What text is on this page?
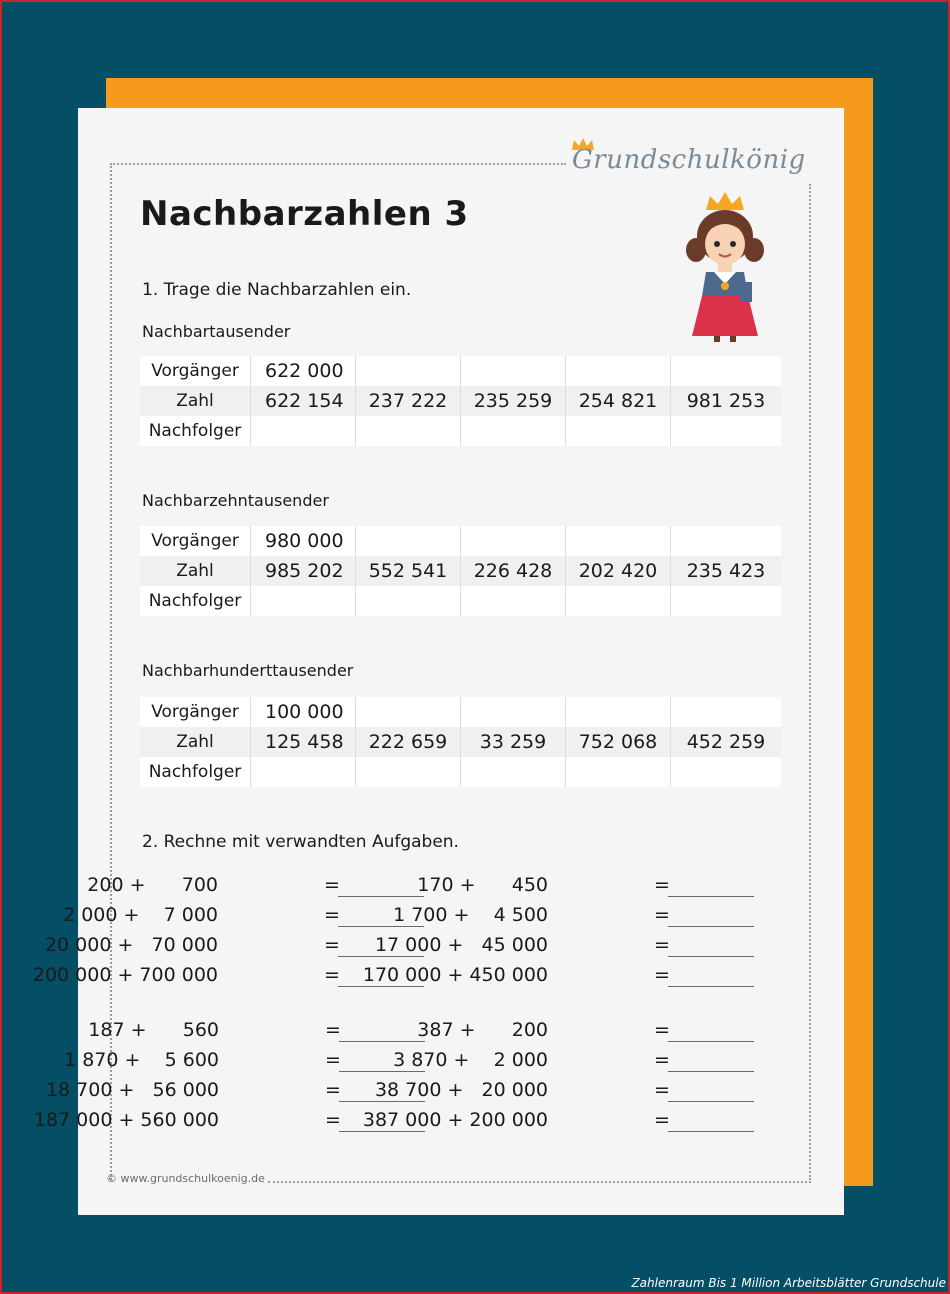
Grundschulkönig
Nachbarzahlen 3
1. Trage die Nachbarzahlen ein.
Nachbartausender
Vorgänger	622 000				
Zahl	622 154	237 222	235 259	254 821	981 253
Nachfolger					
Nachbarzehntausender
Vorgänger	980 000				
Zahl	985 202	552 541	226 428	202 420	235 423
Nachfolger					
Nachbarhunderttausender
Vorgänger	100 000				
Zahl	125 458	222 659	33 259	752 068	452 259
Nachfolger					
2. Rechne mit verwandten Aufgaben.
200 +      700	=
2 000 +    7 000	=
20 000 +   70 000	=
200 000 + 700 000	=
170 +      450	=
1 700 +    4 500	=
17 000 +   45 000	=
170 000 + 450 000	=
187 +      560	=
1 870 +    5 600	=
18 700 +   56 000	=
187 000 + 560 000	=
387 +      200	=
3 870 +    2 000	=
38 700 +   20 000	=
387 000 + 200 000	=
© www.grundschulkoenig.de
Zahlenraum Bis 1 Million Arbeitsblätter Grundschule
